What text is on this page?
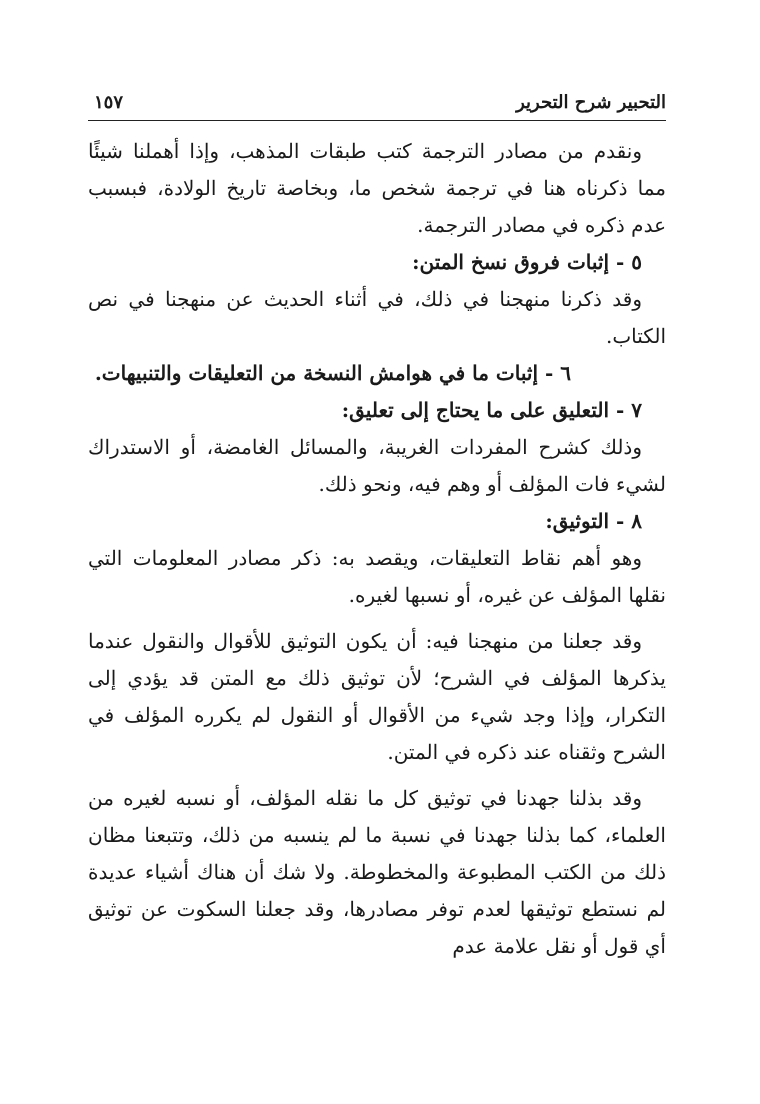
التحبير شرح التحرير
١٥٧

ونقدم من مصادر الترجمة كتب طبقات المذهب، وإذا أهملنا شيئًا مما ذكرناه هنا في ترجمة شخص ما، وبخاصة تاريخ الولادة، فبسبب عدم ذكره في مصادر الترجمة.

٥ - إثبات فروق نسخ المتن:

وقد ذكرنا منهجنا في ذلك، في أثناء الحديث عن منهجنا في نص الكتاب.

٦ - إثبات ما في هوامش النسخة من التعليقات والتنبيهات.

٧ - التعليق على ما يحتاج إلى تعليق:

وذلك كشرح المفردات الغريبة، والمسائل الغامضة، أو الاستدراك لشيء فات المؤلف أو وهم فيه، ونحو ذلك.

٨ - التوثيق:

وهو أهم نقاط التعليقات، ويقصد به: ذكر مصادر المعلومات التي نقلها المؤلف عن غيره، أو نسبها لغيره.

وقد جعلنا من منهجنا فيه: أن يكون التوثيق للأقوال والنقول عندما يذكرها المؤلف في الشرح؛ لأن توثيق ذلك مع المتن قد يؤدي إلى التكرار، وإذا وجد شيء من الأقوال أو النقول لم يكرره المؤلف في الشرح وثقناه عند ذكره في المتن.

وقد بذلنا جهدنا في توثيق كل ما نقله المؤلف، أو نسبه لغيره من العلماء، كما بذلنا جهدنا في نسبة ما لم ينسبه من ذلك، وتتبعنا مظان ذلك من الكتب المطبوعة والمخطوطة. ولا شك أن هناك أشياء عديدة لم نستطع توثيقها لعدم توفر مصادرها، وقد جعلنا السكوت عن توثيق أي قول أو نقل علامة عدم
